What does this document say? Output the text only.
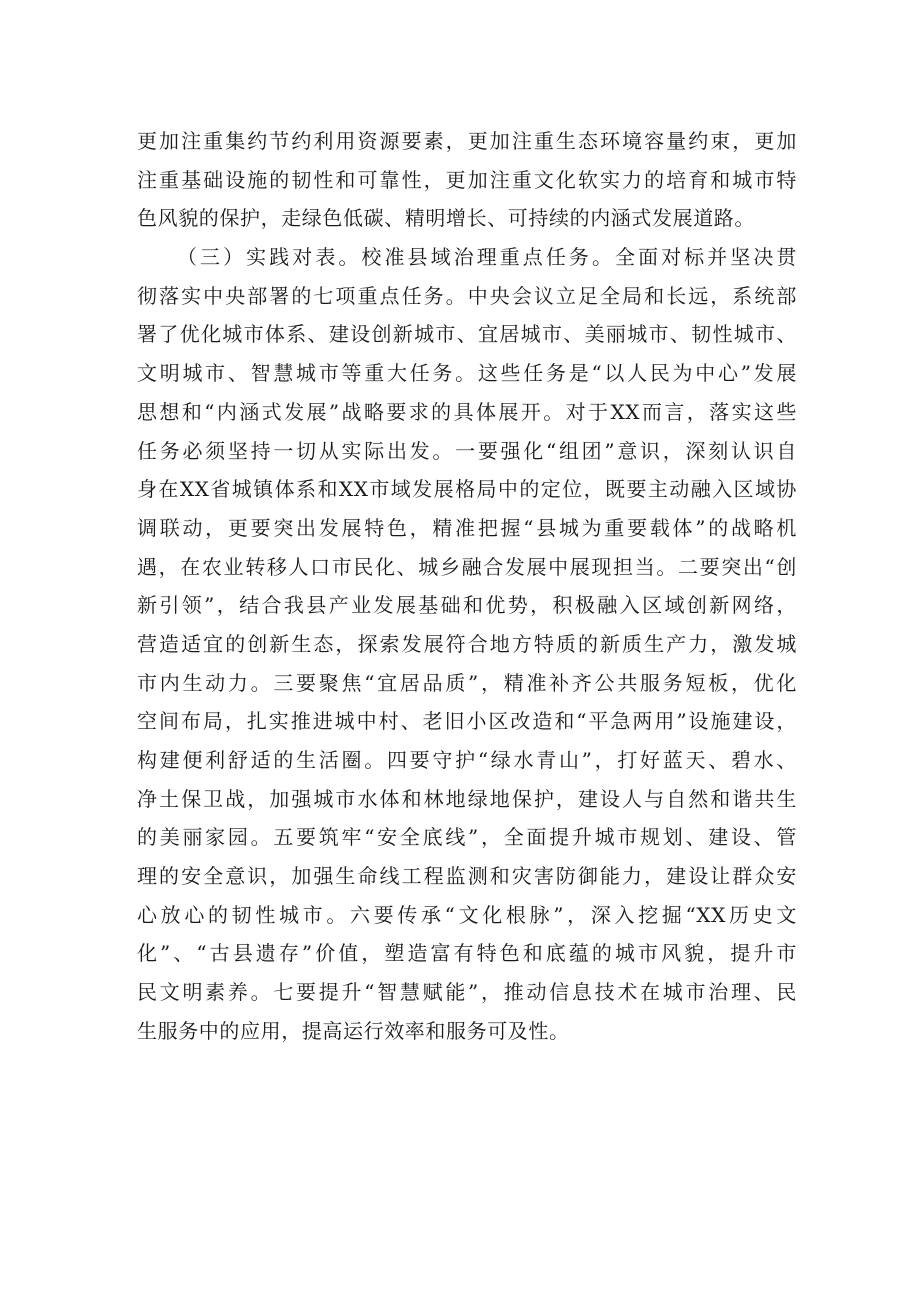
更加注重集约节约利用资源要素，更加注重生态环境容量约束，更加
注重基础设施的韧性和可靠性，更加注重文化软实力的培育和城市特
色风貌的保护，走绿色低碳、精明增长、可持续的内涵式发展道路。
（三）实践对表。校准县域治理重点任务。全面对标并坚决贯
彻落实中央部署的七项重点任务。中央会议立足全局和长远，系统部
署了优化城市体系、建设创新城市、宜居城市、美丽城市、韧性城市、
文明城市、智慧城市等重大任务。这些任务是“以人民为中心”发展
思想和“内涵式发展”战略要求的具体展开。对于XX而言，落实这些
任务必须坚持一切从实际出发。一要强化“组团”意识，深刻认识自
身在XX省城镇体系和XX市域发展格局中的定位，既要主动融入区域协
调联动，更要突出发展特色，精准把握“县城为重要载体”的战略机
遇，在农业转移人口市民化、城乡融合发展中展现担当。二要突出“创
新引领”，结合我县产业发展基础和优势，积极融入区域创新网络，
营造适宜的创新生态，探索发展符合地方特质的新质生产力，激发城
市内生动力。三要聚焦“宜居品质”，精准补齐公共服务短板，优化
空间布局，扎实推进城中村、老旧小区改造和“平急两用”设施建设，
构建便利舒适的生活圈。四要守护“绿水青山”，打好蓝天、碧水、
净土保卫战，加强城市水体和林地绿地保护，建设人与自然和谐共生
的美丽家园。五要筑牢“安全底线”，全面提升城市规划、建设、管
理的安全意识，加强生命线工程监测和灾害防御能力，建设让群众安
心放心的韧性城市。六要传承“文化根脉”，深入挖掘“XX历史文
化”、“古县遗存”价值，塑造富有特色和底蕴的城市风貌，提升市
民文明素养。七要提升“智慧赋能”，推动信息技术在城市治理、民
生服务中的应用，提高运行效率和服务可及性。
